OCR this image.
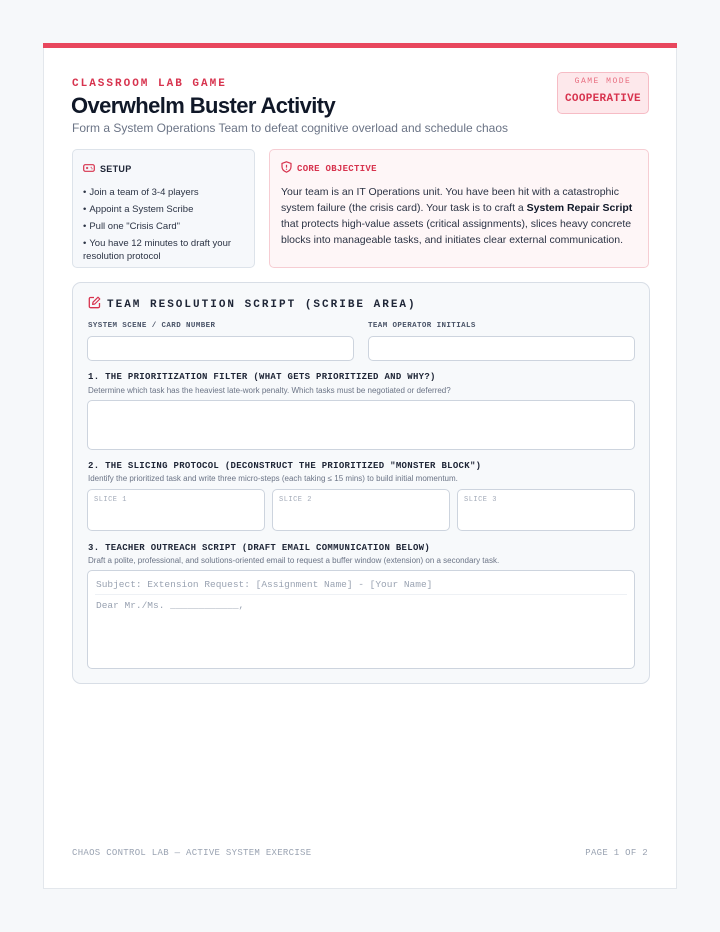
CLASSROOM LAB GAME
Overwhelm Buster Activity
Form a System Operations Team to defeat cognitive overload and schedule chaos
GAME MODE
COOPERATIVE
SETUP
• Join a team of 3-4 players
• Appoint a System Scribe
• Pull one "Crisis Card"
• You have 12 minutes to draft your resolution protocol
CORE OBJECTIVE

Your team is an IT Operations unit. You have been hit with a catastrophic system failure (the crisis card). Your task is to craft a System Repair Script that protects high-value assets (critical assignments), slices heavy concrete blocks into manageable tasks, and initiates clear external communication.

TEAM RESOLUTION SCRIPT (SCRIBE AREA)
SYSTEM SCENE / CARD NUMBER	TEAM OPERATOR INITIALS
1. THE PRIORITIZATION FILTER (WHAT GETS PRIORITIZED AND WHY?)
Determine which task has the heaviest late-work penalty. Which tasks must be negotiated or deferred?
2. THE SLICING PROTOCOL (DECONSTRUCT THE PRIORITIZED "MONSTER BLOCK")
Identify the prioritized task and write three micro-steps (each taking ≤ 15 mins) to build initial momentum.
SLICE 1	SLICE 2	SLICE 3
3. TEACHER OUTREACH SCRIPT (DRAFT EMAIL COMMUNICATION BELOW)
Draft a polite, professional, and solutions-oriented email to request a buffer window (extension) on a secondary task.
Subject: Extension Request: [Assignment Name] - [Your Name]
Dear Mr./Ms. ____________,
CHAOS CONTROL LAB — ACTIVE SYSTEM EXERCISE	PAGE 1 OF 2
